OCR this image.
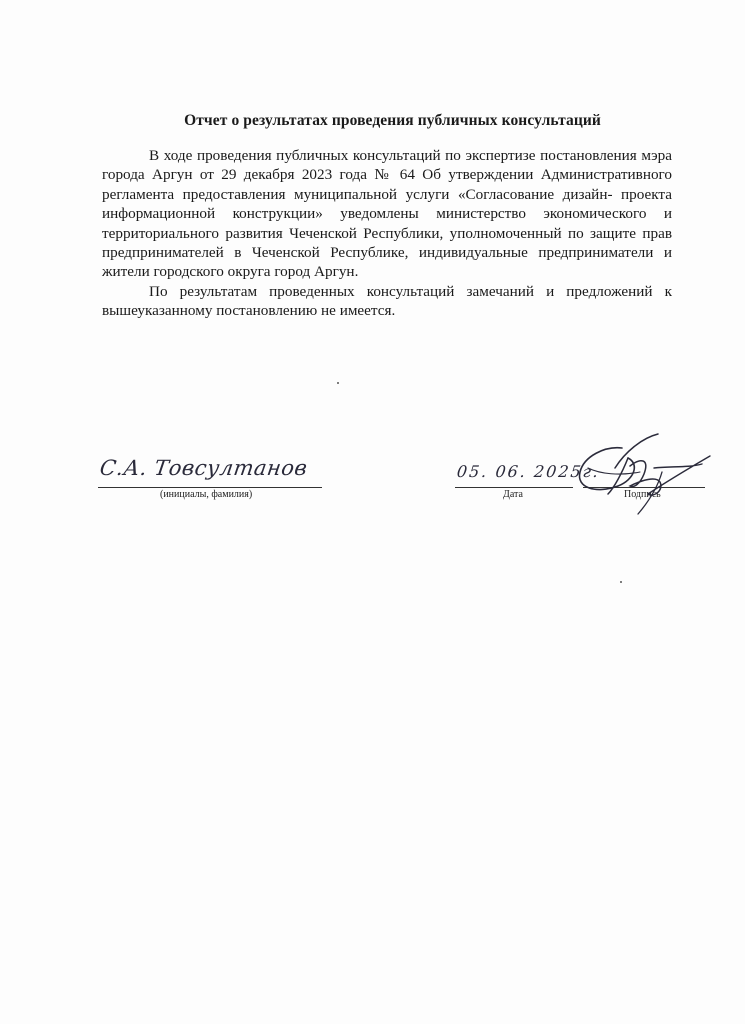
Отчет о результатах проведения публичных консультаций

В ходе проведения публичных консультаций по экспертизе постановления мэра города Аргун от 29 декабря 2023 года № 64 Об утверждении Административного регламента предоставления муниципальной услуги «Согласование дизайн- проекта информационной конструкции» уведомлены министерство экономического и территориального развития Чеченской Республики, уполномоченный по защите прав предпринимателей в Чеченской Республике, индивидуальные предприниматели и жители городского округа город Аргун.

По результатам проведенных консультаций замечаний и предложений к вышеуказанному постановлению не имеется.

С.А. Товсултанов
(инициалы, фамилия)
05. 06. 2025г.
Дата	Подпись
